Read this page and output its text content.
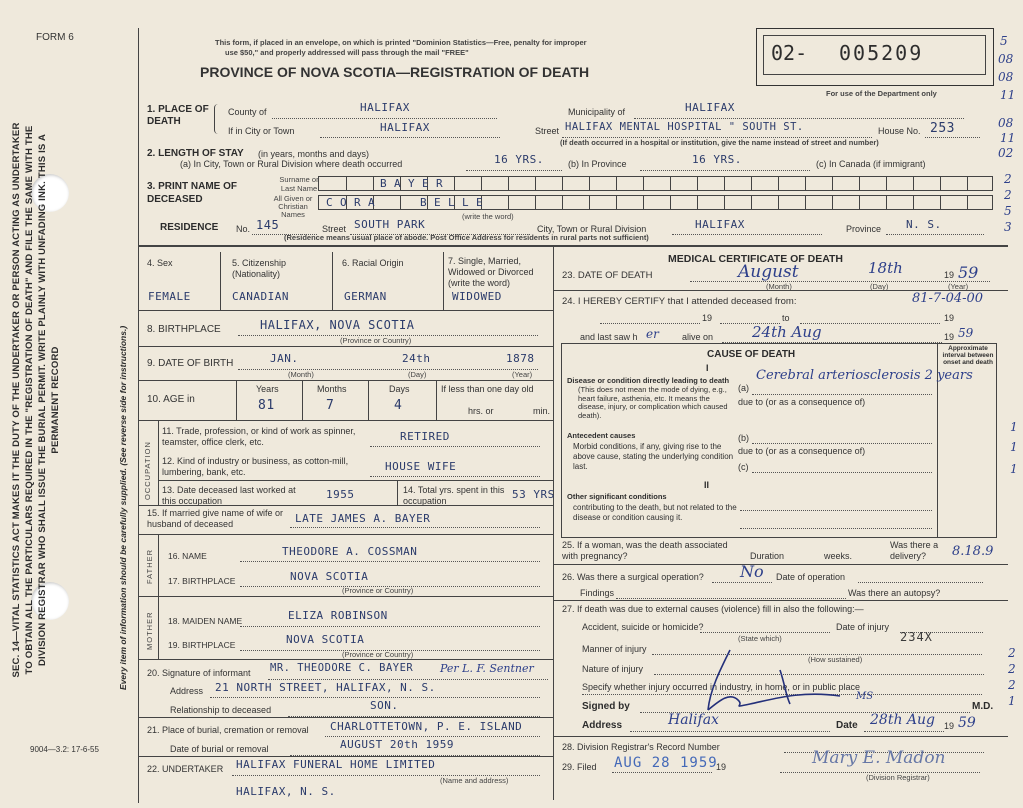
SEC. 14—VITAL STATISTICS ACT MAKES IT THE DUTY OF THE UNDERTAKER OR PERSON ACTING AS UNDERTAKER TO OBTAIN ALL THE PARTICULARS REQUIRED IN THE "REGISTRATION OF DEATH" AND FILE THE SAME WITH THE DIVISION REGISTRAR WHO SHALL ISSUE THE BURIAL PERMIT. WRITE PLAINLY WITH UNFADING INK. THIS IS A PERMANENT RECORD	Every item of information should be carefully supplied. (See reverse side for instructions.)
FORM 6
9004—3.2: 17-6-55
This form, if placed in an envelope, on which is printed "Dominion Statistics—Free, penalty for improper
use $50," and properly addressed will pass through the mail "FREE"
PROVINCE OF NOVA SCOTIA—REGISTRATION OF DEATH
02- 005209
For use of the Department only
5
08
08
11
08
11
02
2
2
5
3
1. PLACE OF DEATH
County of	HALIFAX	Municipality of	HALIFAX
If in City or Town	HALIFAX	Street HALIFAX MENTAL HOSPITAL " SOUTH ST.	House No. 253
(If death occurred in a hospital or institution, give the name instead of street and number)
2. LENGTH OF STAY (in years, months and days)
(a) In City, Town or Rural Division where death occurred	16 YRS.	(b) In Province	16 YRS.	(c) In Canada (if immigrant)
3. PRINT NAME OF DECEASED
Surname or Last Name	B A Y E R
All Given or Christian Names
C O R A	B E L L E
(write the word)
RESIDENCE No. 145	Street SOUTH PARK	City, Town or Rural Division	HALIFAX	Province N. S.
(Residence means usual place of abode. Post Office Address for residents in rural parts not sufficient)
4. Sex	5. Citizenship (Nationality)
6. Racial Origin	7. Single, Married, Widowed or Divorced (write the word)
FEMALE	CANADIAN	GERMAN	WIDOWED
8. BIRTHPLACE	HALIFAX, NOVA SCOTIA
(Province or Country)
9. DATE OF BIRTH	JAN.	24th	1878
(Month)	(Day)	(Year)
10. AGE in
Years	Months	Days
81	7	4
If less than one day old
hrs. or	min.
OCCUPATION
11. Trade, profession, or kind of work as spinner, teamster, office clerk, etc.	RETIRED
12. Kind of industry or business, as cotton-mill, lumbering, bank, etc.	HOUSE WIFE
13. Date deceased last worked at this occupation	1955	14. Total yrs. spent in this occupation	53 YRS
15. If married give name of wife or husband of deceased	LATE JAMES A. BAYER
FATHER 16. NAME	THEODORE A. COSSMAN
17. BIRTHPLACE	NOVA SCOTIA
(Province or Country)
MOTHER 18. MAIDEN NAME	ELIZA ROBINSON
19. BIRTHPLACE	NOVA SCOTIA
(Province or Country)
20. Signature of informant MR. THEODORE C. BAYER Per L. F. Sentner
Address 21 NORTH STREET, HALIFAX, N. S.
Relationship to deceased	SON.
21. Place of burial, cremation or removal CHARLOTTETOWN, P. E. ISLAND
Date of burial or removal	AUGUST 20th 1959
22. UNDERTAKER HALIFAX FUNERAL HOME LIMITED
(Name and address)
HALIFAX, N. S.
MEDICAL CERTIFICATE OF DEATH
23. DATE OF DEATH	August	18th	19 59
(Month)	(Day)	(Year)
24. I HEREBY CERTIFY that I attended deceased from:	81-7-04-00
19	to	19
and last saw h er	alive on	24th Aug	19 59
CAUSE OF DEATH
Approximate interval between onset and death
I
Disease or condition directly leading to death
(This does not mean the mode of dying, e.g., heart failure, asthenia, etc. It means the disease, injury, or complication which caused death).
(a)
Cerebral arteriosclerosis 2 years
due to (or as a consequence of)
Antecedent causes
Morbid conditions, if any, giving rise to the above cause, stating the underlying condition last.
(b)
due to (or as a consequence of)
(c)
II
Other significant conditions
contributing to the death, but not related to the disease or condition causing it.
25. If a woman, was the death associated with pregnancy?	Duration	weeks.
Was there a delivery?	8.18.9
26. Was there a surgical operation? No Date of operation
Findings	Was there an autopsy?
27. If death was due to external causes (violence) fill in also the following:—
Accident, suicide or homicide?
(State which)
Date of injury
234X
Manner of injury
(How sustained)
Nature of injury
Specify whether injury occurred in industry, in home, or in public place
Signed by
MS
M.D.
Address	Halifax	Date 28th Aug 19 59
28. Division Registrar's Record Number
29. Filed AUG 28 1959
19	Mary E. Madon
(Division Registrar)
1
1
1
2
2
2
1
